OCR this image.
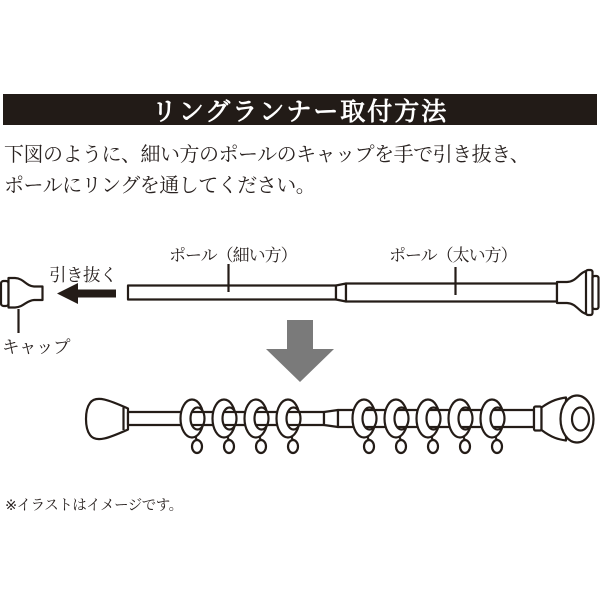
リングランナー取付方法
下図のように、細い方のポールのキャップを手で引き抜き、
ポールにリングを通してください。
ポール（細い方）	ポール（太い方）
引き抜く
キャップ
※イラストはイメージです。
